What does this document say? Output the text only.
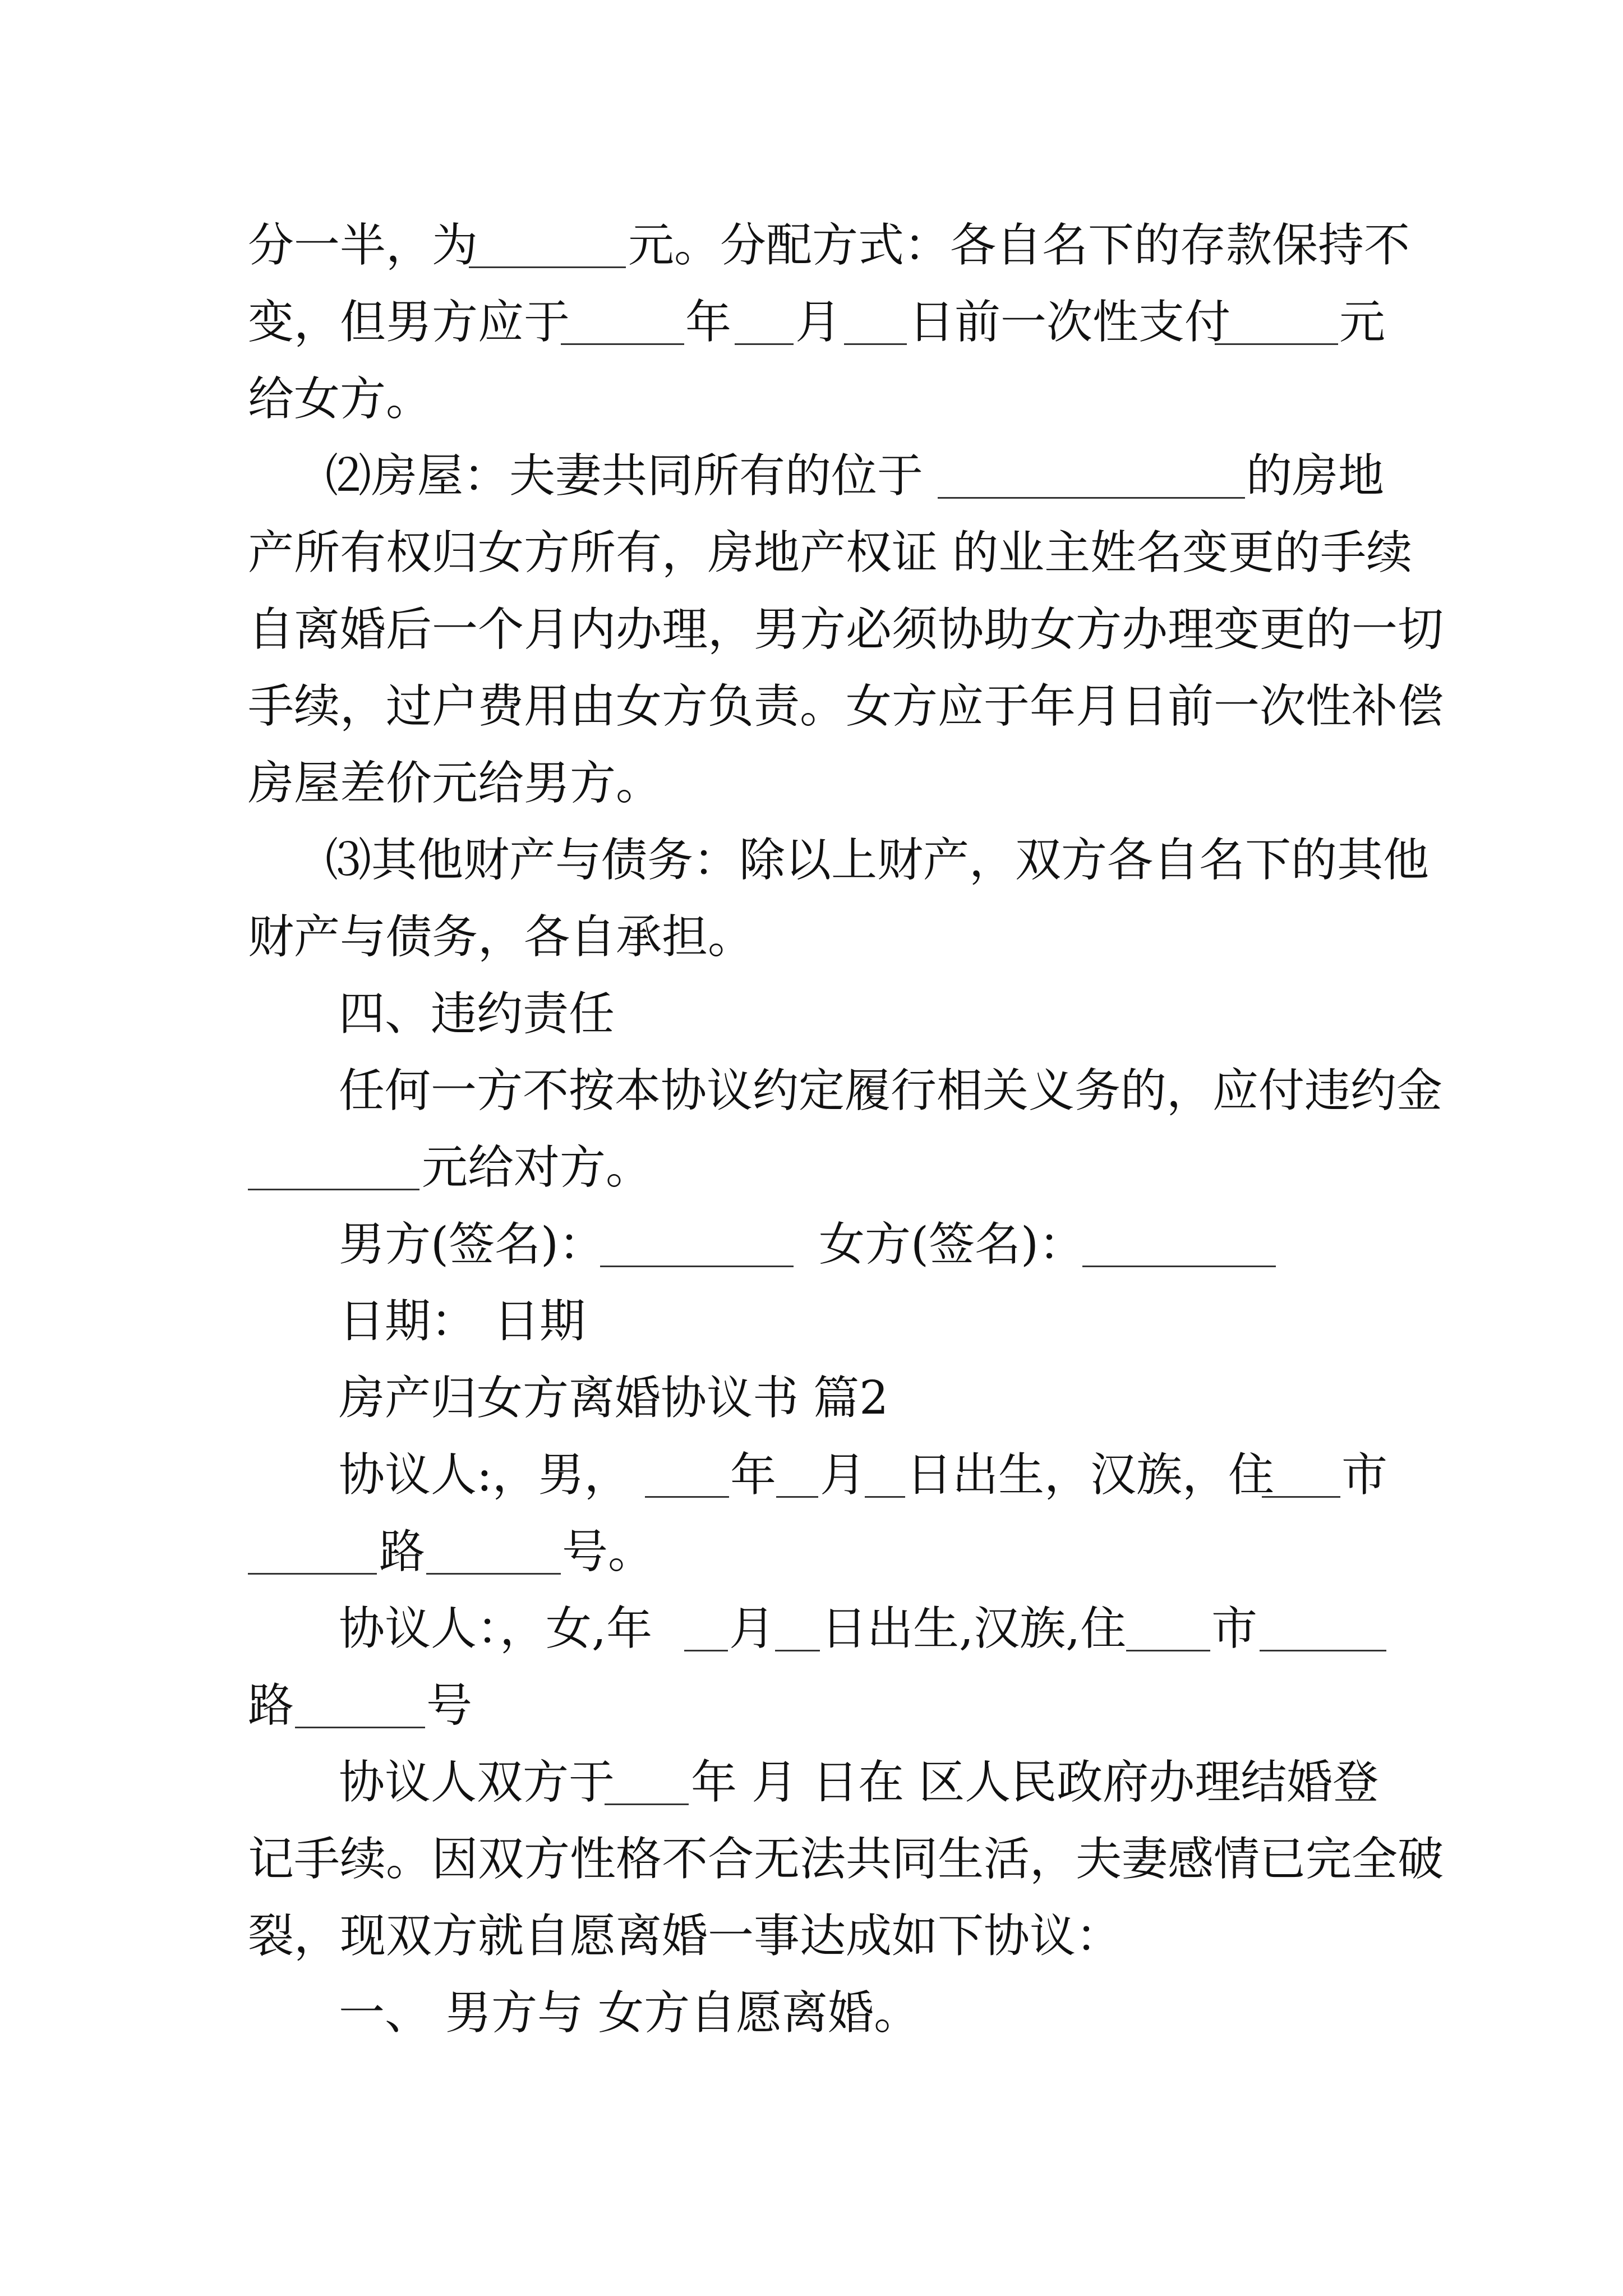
分一半，为

	元。分配方式：各自名下的存款保持不

变，但男方应于

	年

月

日前一次性支付

元

给女方。

⑵房屋：夫妻共同所有的位于

	的房地

产所有权归女方所有，房地产权证 的业主姓名变更的手续

自离婚后一个月内办理，男方必须协助女方办理变更的一切

手续，过户费用由女方负责。女方应于年月日前一次性补偿

房屋差价元给男方。

⑶其他财产与债务：除以上财产，双方各自名下的其他

财产与债务，各自承担。

四、违约责任

任何一方不按本协议约定履行相关义务的，应付违约金

元给对方。

男方(签名)：

	女方(签名)：

日期：

日期

房产归女方离婚协议书 篇2

协议人:，男，

年

月

日出生，汉族，住

市

路

	号。

协议人：，女,年

月

日出生,汉族,住

市

路

	号

协议人双方于

年 月 日在 区人民政府办理结婚登

记手续。因双方性格不合无法共同生活，夫妻感情已完全破

裂，现双方就自愿离婚一事达成如下协议：

一、 男方与 女方自愿离婚。
